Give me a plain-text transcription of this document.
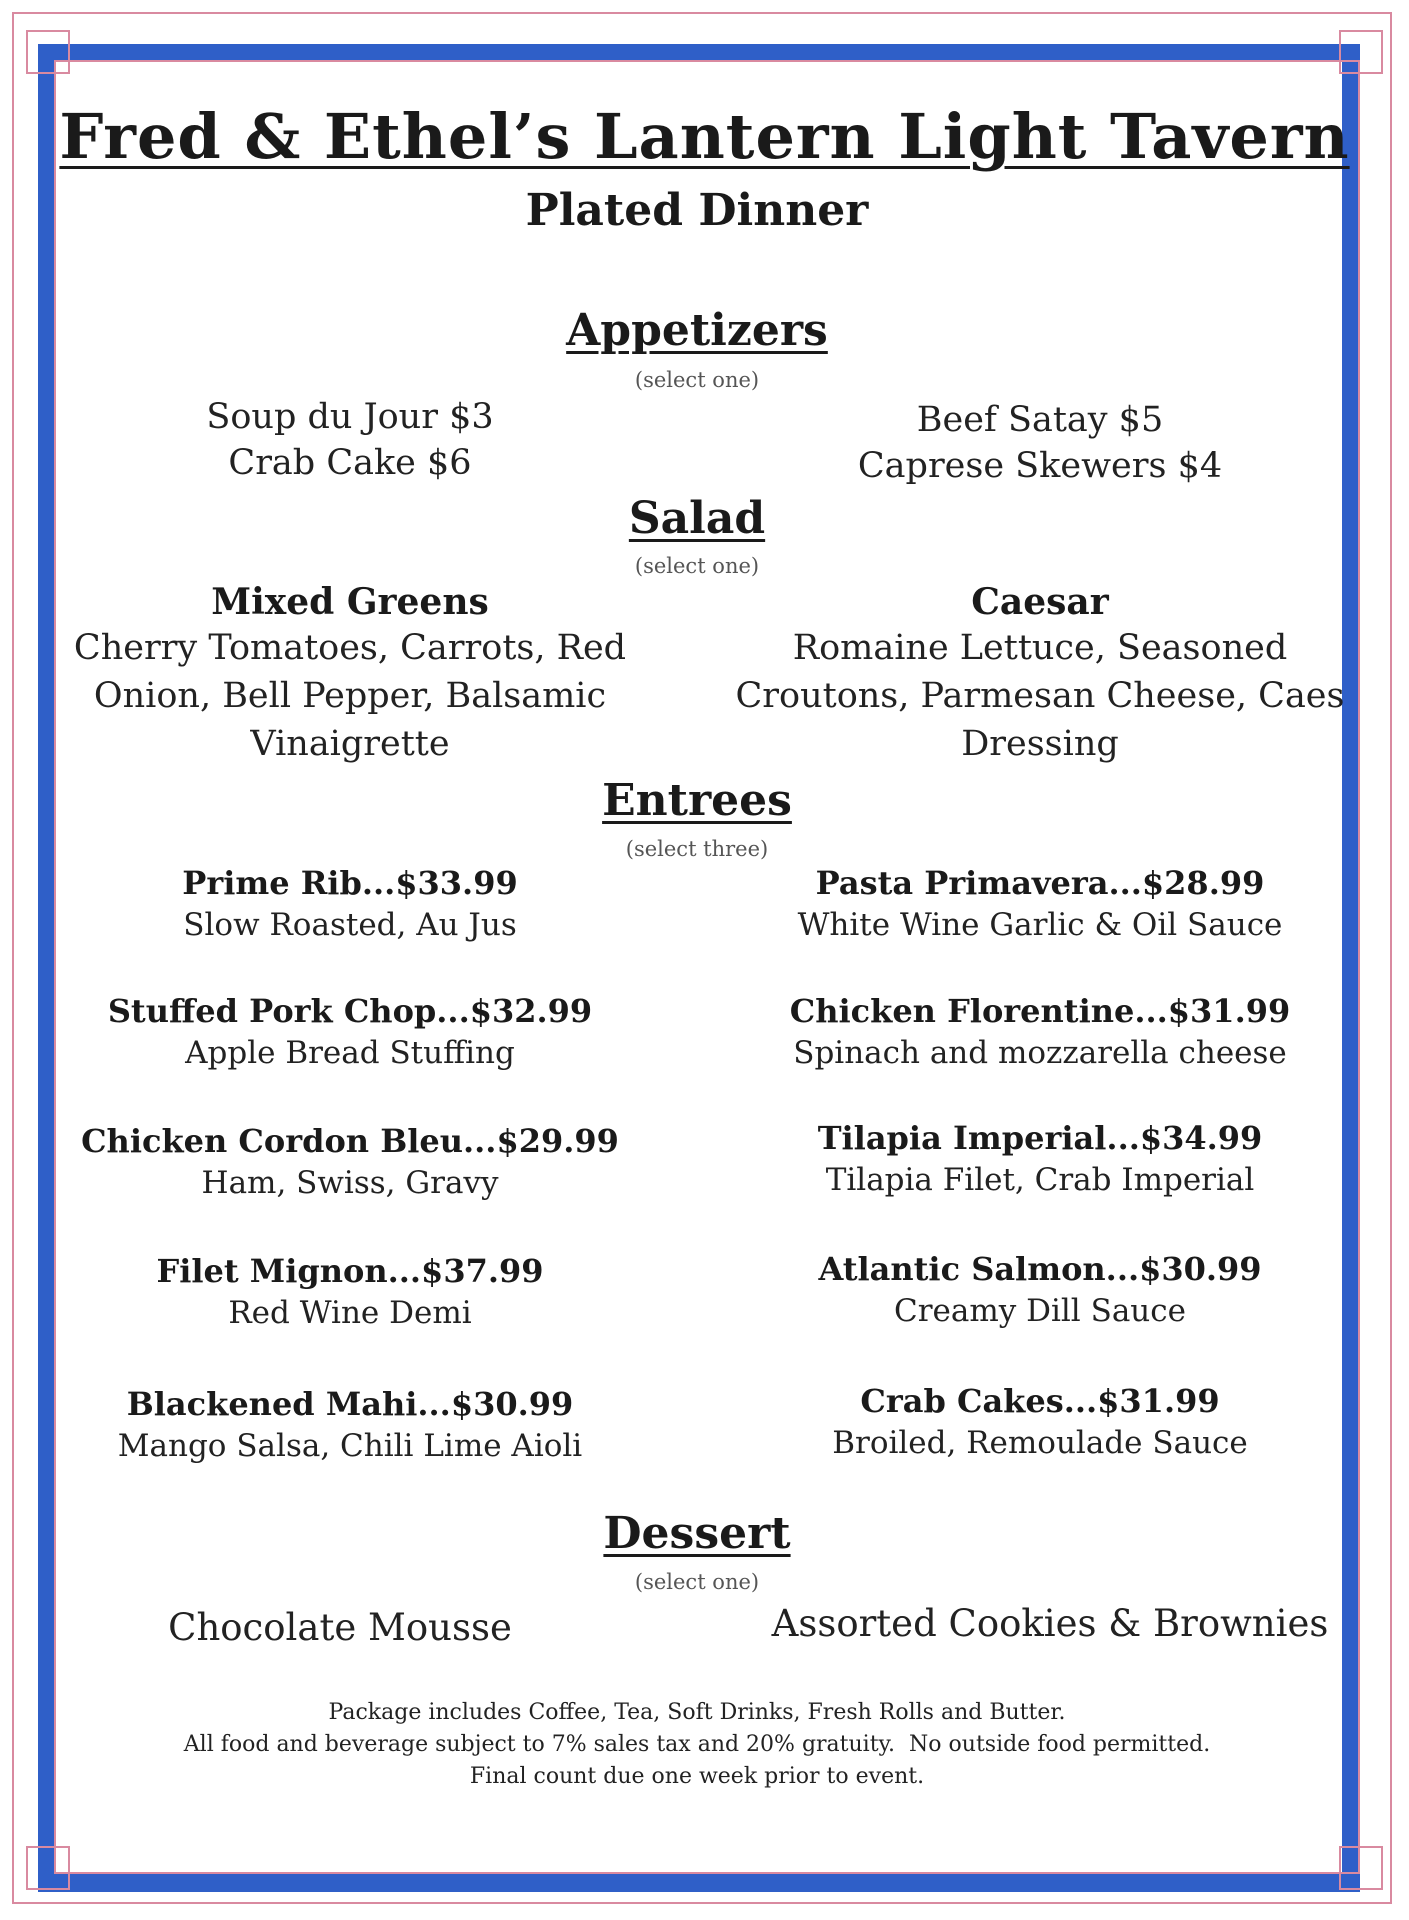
Fred & Ethel’s Lantern Light Tavern
Plated Dinner
Appetizers
(select one)
Soup du Jour $3
Crab Cake $6
Beef Satay $5
Caprese Skewers $4
Salad
(select one)
Mixed Greens
Cherry Tomatoes, Carrots, Red
Onion, Bell Pepper, Balsamic
Vinaigrette
Caesar
Romaine Lettuce, Seasoned
Croutons, Parmesan Cheese, Caes
Dressing
Entrees
(select three)
Prime Rib...$33.99
Slow Roasted, Au Jus
Stuffed Pork Chop...$32.99
Apple Bread Stuffing
Chicken Cordon Bleu...$29.99
Ham, Swiss, Gravy
Filet Mignon...$37.99
Red Wine Demi
Blackened Mahi...$30.99
Mango Salsa, Chili Lime Aioli
Pasta Primavera...$28.99
White Wine Garlic & Oil Sauce
Chicken Florentine...$31.99
Spinach and mozzarella cheese
Tilapia Imperial...$34.99
Tilapia Filet, Crab Imperial
Atlantic Salmon...$30.99
Creamy Dill Sauce
Crab Cakes...$31.99
Broiled, Remoulade Sauce
Dessert
(select one)
Chocolate Mousse	Assorted Cookies & Brownies
Package includes Coffee, Tea, Soft Drinks, Fresh Rolls and Butter.
All food and beverage subject to 7% sales tax and 20% gratuity.  No outside food permitted.
Final count due one week prior to event.
